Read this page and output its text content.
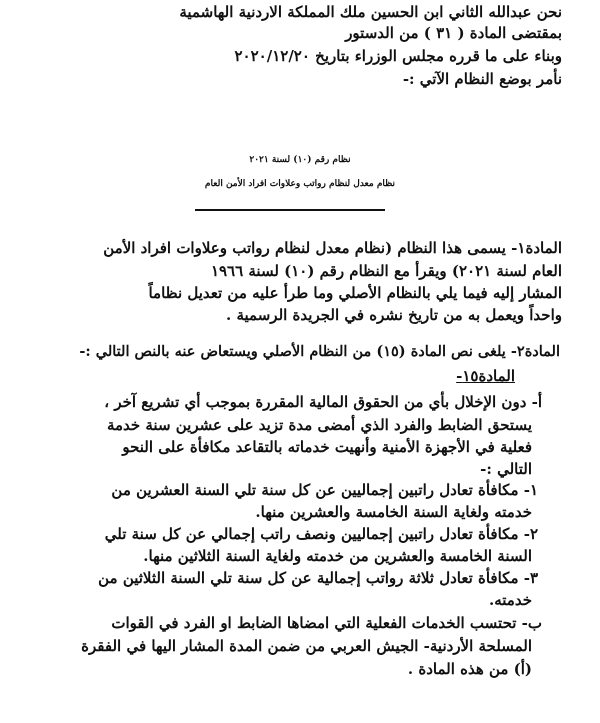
نحن عبدالله الثاني ابن الحسين ملك المملكة الاردنية الهاشمية
بمقتضى المادة ( ٣١ ) من الدستور
وبناء على ما قرره مجلس الوزراء بتاريخ ٢٠٢٠/١٢/٢٠
نأمر بوضع النظام الآتي :-
نظام رقم (١٠) لسنة ٢٠٢١
نظام معدل لنظام رواتب وعلاوات افراد الأمن العام
المادة١- يسمى هذا النظام (نظام معدل لنظام رواتب وعلاوات افراد الأمن
العام لسنة ٢٠٢١) ويقرأ مع النظام رقم (١٠) لسنة ١٩٦٦
المشار إليه فيما يلي بالنظام الأصلي وما طرأ عليه من تعديل نظاماً
واحداً ويعمل به من تاريخ نشره في الجريدة الرسمية .
المادة٢- يلغى نص المادة (١٥) من النظام الأصلي ويستعاض عنه بالنص التالي :-
المادة١٥-
أ- دون الإخلال بأي من الحقوق المالية المقررة بموجب أي تشريع آخر ،
يستحق الضابط والفرد الذي أمضى مدة تزيد على عشرين سنة خدمة
فعلية في الأجهزة الأمنية وأنهيت خدماته بالتقاعد مكافأة على النحو
التالي :-
١- مكافأة تعادل راتبين إجماليين عن كل سنة تلي السنة العشرين من
خدمته ولغاية السنة الخامسة والعشرين منها.
٢- مكافأة تعادل راتبين إجماليين ونصف راتب إجمالي عن كل سنة تلي
السنة الخامسة والعشرين من خدمته ولغاية السنة الثلاثين منها.
٣- مكافأة تعادل ثلاثة رواتب إجمالية عن كل سنة تلي السنة الثلاثين من
خدمته.
ب- تحتسب الخدمات الفعلية التي امضاها الضابط او الفرد في القوات
المسلحة الأردنية- الجيش العربي من ضمن المدة المشار اليها في الفقرة
(أ) من هذه المادة .
